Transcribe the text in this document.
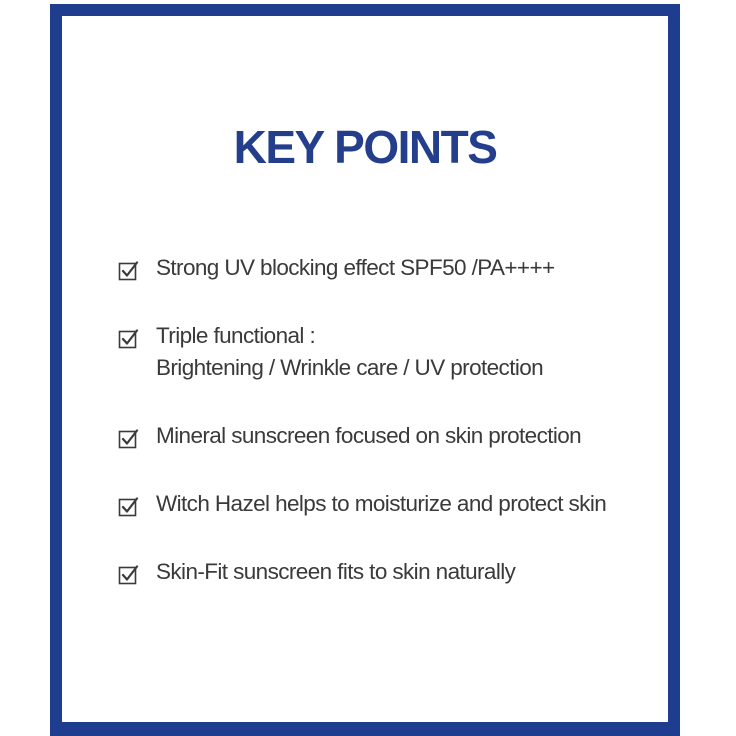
KEY POINTS
Strong UV blocking effect SPF50 /PA++++
Triple functional :
Brightening / Wrinkle care / UV protection
Mineral sunscreen focused on skin protection
Witch Hazel helps to moisturize and protect skin
Skin-Fit sunscreen fits to skin naturally
